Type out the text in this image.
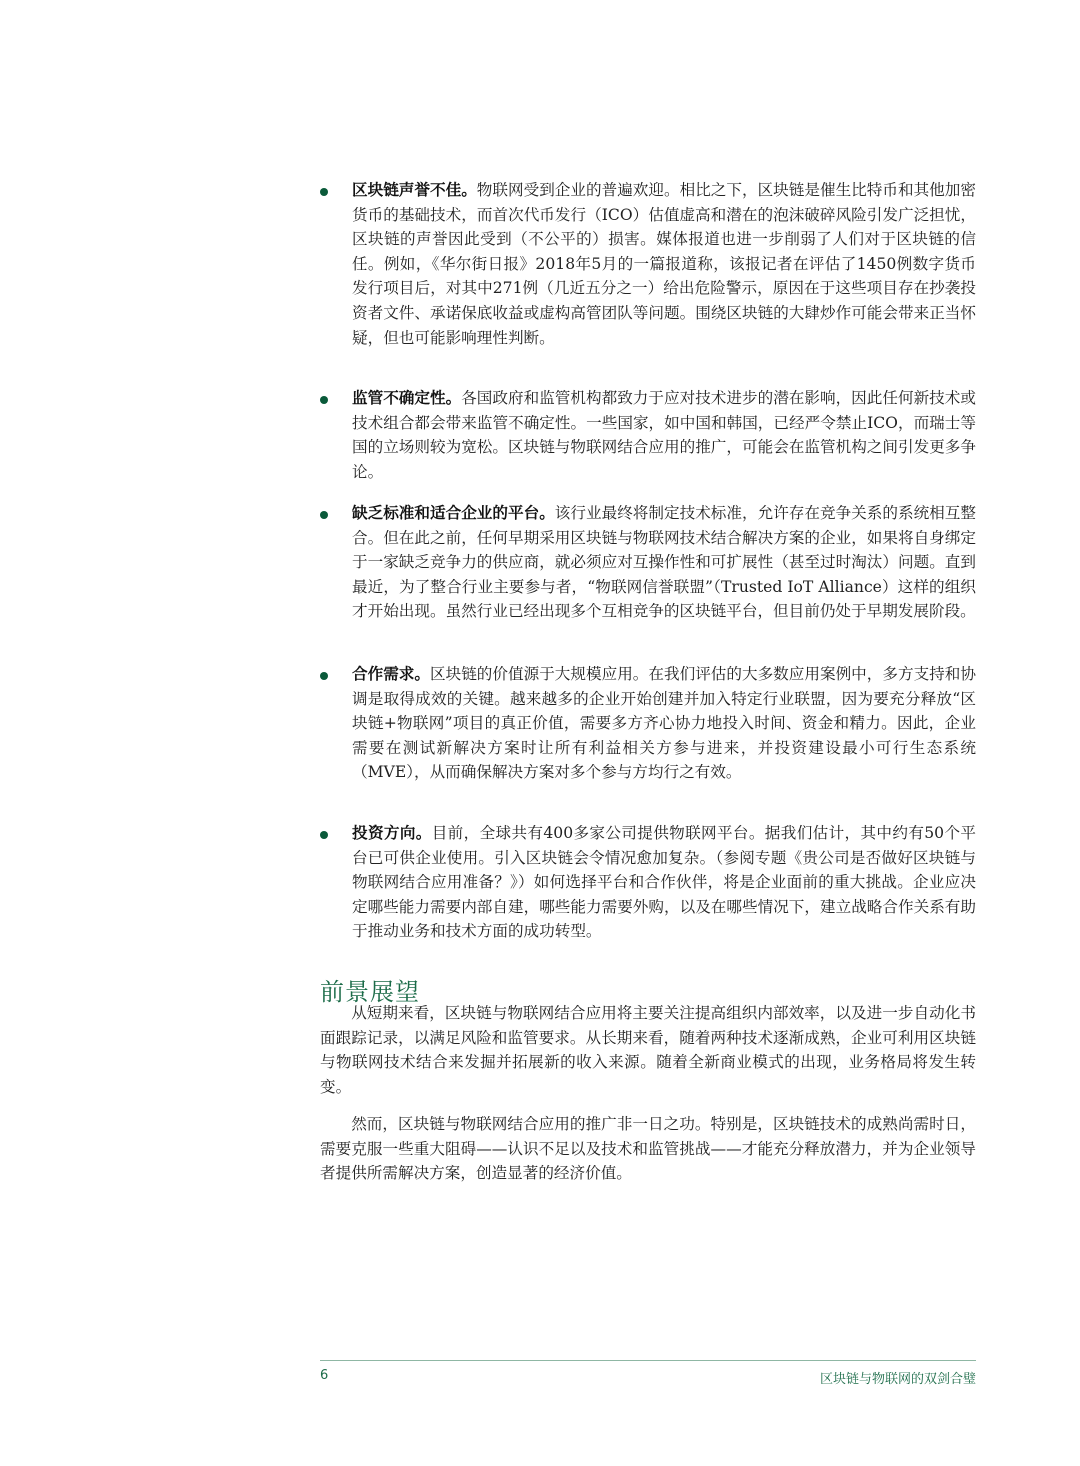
区块链声誉不佳。物联网受到企业的普遍欢迎。相比之下，区块链是催生比特币和其他加密货币的基础技术，而首次代币发行（ICO）估值虚高和潜在的泡沫破碎风险引发广泛担忧，区块链的声誉因此受到（不公平的）损害。媒体报道也进一步削弱了人们对于区块链的信任。例如，《华尔街日报》2018年5月的一篇报道称，该报记者在评估了1450例数字货币发行项目后，对其中271例（几近五分之一）给出危险警示，原因在于这些项目存在抄袭投资者文件、承诺保底收益或虚构高管团队等问题。围绕区块链的大肆炒作可能会带来正当怀疑，但也可能影响理性判断。
监管不确定性。各国政府和监管机构都致力于应对技术进步的潜在影响，因此任何新技术或技术组合都会带来监管不确定性。一些国家，如中国和韩国，已经严令禁止ICO，而瑞士等国的立场则较为宽松。区块链与物联网结合应用的推广，可能会在监管机构之间引发更多争论。
缺乏标准和适合企业的平台。该行业最终将制定技术标准，允许存在竞争关系的系统相互整合。但在此之前，任何早期采用区块链与物联网技术结合解决方案的企业，如果将自身绑定于一家缺乏竞争力的供应商，就必须应对互操作性和可扩展性（甚至过时淘汰）问题。直到最近，为了整合行业主要参与者，“物联网信誉联盟”（Trusted IoT Alliance）这样的组织才开始出现。虽然行业已经出现多个互相竞争的区块链平台，但目前仍处于早期发展阶段。
合作需求。区块链的价值源于大规模应用。在我们评估的大多数应用案例中，多方支持和协调是取得成效的关键。越来越多的企业开始创建并加入特定行业联盟，因为要充分释放“区块链+物联网”项目的真正价值，需要多方齐心协力地投入时间、资金和精力。因此，企业需要在测试新解决方案时让所有利益相关方参与进来，并投资建设最小可行生态系统（MVE），从而确保解决方案对多个参与方均行之有效。
投资方向。目前，全球共有400多家公司提供物联网平台。据我们估计，其中约有50个平台已可供企业使用。引入区块链会令情况愈加复杂。（参阅专题《贵公司是否做好区块链与物联网结合应用准备？》）如何选择平台和合作伙伴，将是企业面前的重大挑战。企业应决定哪些能力需要内部自建，哪些能力需要外购，以及在哪些情况下，建立战略合作关系有助于推动业务和技术方面的成功转型。
前景展望

从短期来看，区块链与物联网结合应用将主要关注提高组织内部效率，以及进一步自动化书面跟踪记录，以满足风险和监管要求。从长期来看，随着两种技术逐渐成熟，企业可利用区块链与物联网技术结合来发掘并拓展新的收入来源。随着全新商业模式的出现，业务格局将发生转变。

然而，区块链与物联网结合应用的推广非一日之功。特别是，区块链技术的成熟尚需时日，需要克服一些重大阻碍——认识不足以及技术和监管挑战——才能充分释放潜力，并为企业领导者提供所需解决方案，创造显著的经济价值。

6	区块链与物联网的双剑合璧
